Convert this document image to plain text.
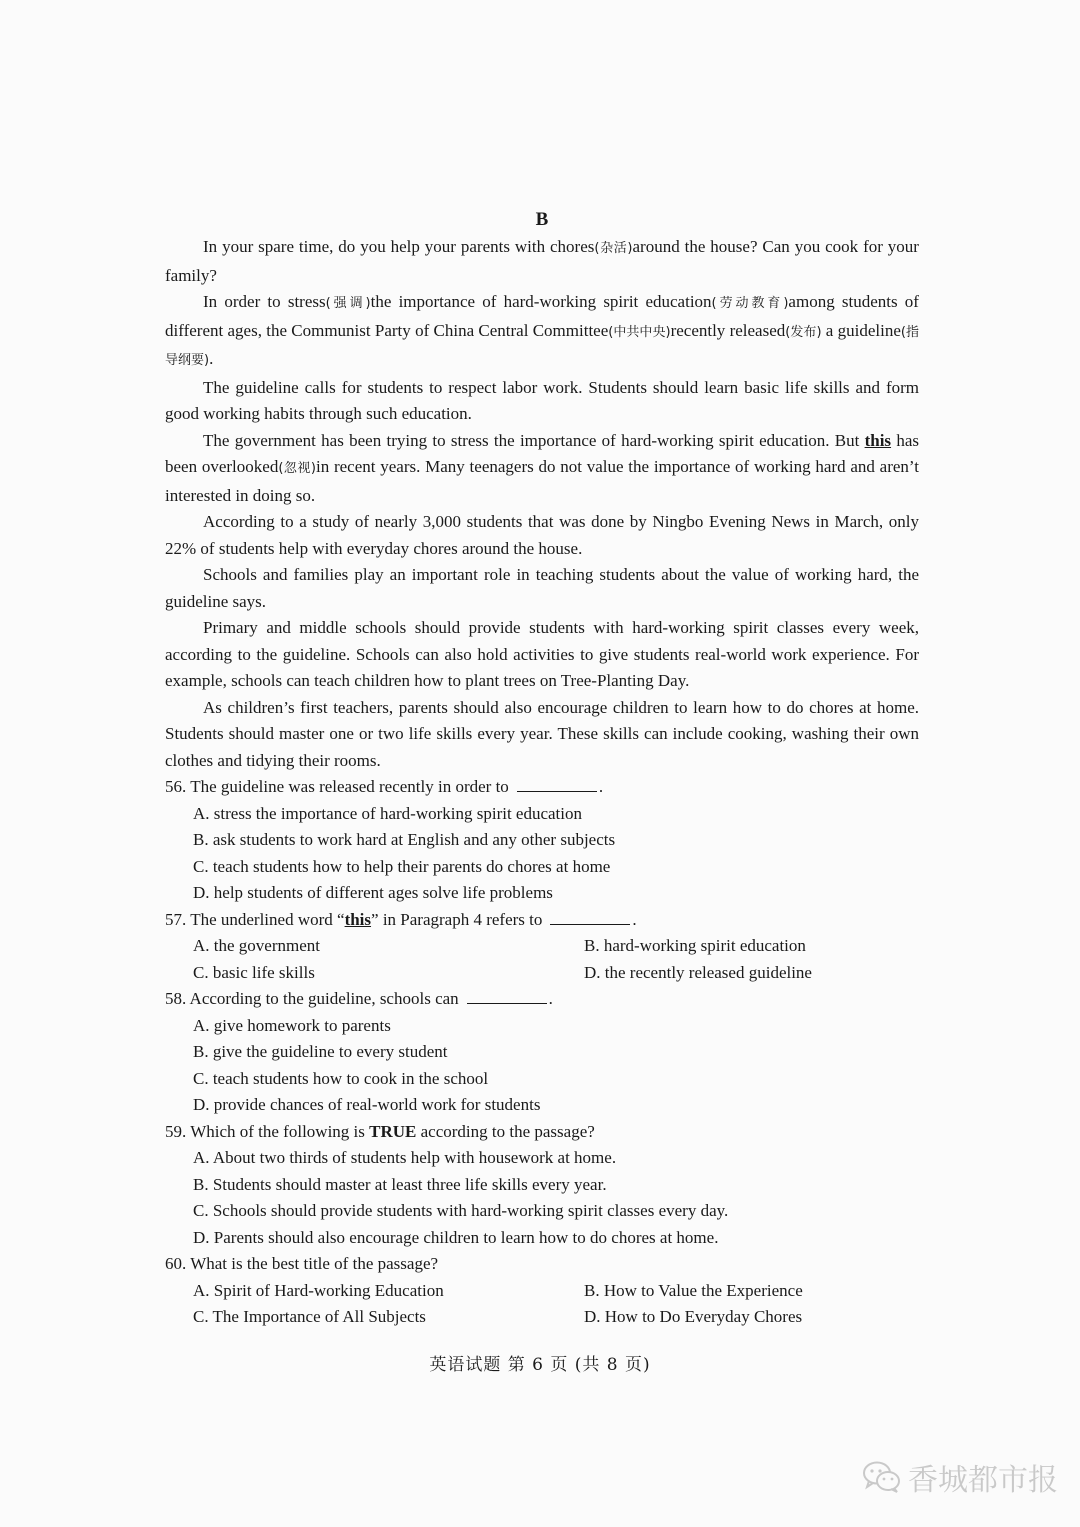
B

In your spare time, do you help your parents with chores(杂活)around the house? Can you cook for your family?

In order to stress(强调)the importance of hard-working spirit education(劳动教育)among students of different ages, the Communist Party of China Central Committee(中共中央)recently released(发布) a guideline(指导纲要).

The guideline calls for students to respect labor work. Students should learn basic life skills and form good working habits through such education.

The government has been trying to stress the importance of hard-working spirit education. But this has been overlooked(忽视)in recent years. Many teenagers do not value the importance of working hard and aren’t interested in doing so.

According to a study of nearly 3,000 students that was done by Ningbo Evening News in March, only 22% of students help with everyday chores around the house.

Schools and families play an important role in teaching students about the value of working hard, the guideline says.

Primary and middle schools should provide students with hard-working spirit classes every week, according to the guideline. Schools can also hold activities to give students real-world work experience. For example, schools can teach children how to plant trees on Tree-Planting Day.

As children’s first teachers, parents should also encourage children to learn how to do chores at home. Students should master one or two life skills every year. These skills can include cooking, washing their own clothes and tidying their rooms.

56. The guideline was released recently in order to	.

A. stress the importance of hard-working spirit education

B. ask students to work hard at English and any other subjects

C. teach students how to help their parents do chores at home

D. help students of different ages solve life problems

57. The underlined word “this” in Paragraph 4 refers to	.

A. the government	B. hard-working spirit education
C. basic life skills	D. the recently released guideline

58. According to the guideline, schools can	.

A. give homework to parents

B. give the guideline to every student

C. teach students how to cook in the school

D. provide chances of real-world work for students

59. Which of the following is TRUE according to the passage?

A. About two thirds of students help with housework at home.

B. Students should master at least three life skills every year.

C. Schools should provide students with hard-working spirit classes every day.

D. Parents should also encourage children to learn how to do chores at home.

60. What is the best title of the passage?

A. Spirit of Hard-working Education	B. How to Value the Experience
C. The Importance of All Subjects	D. How to Do Everyday Chores
英语试题 第 6 页 (共 8 页)
香城都市报
